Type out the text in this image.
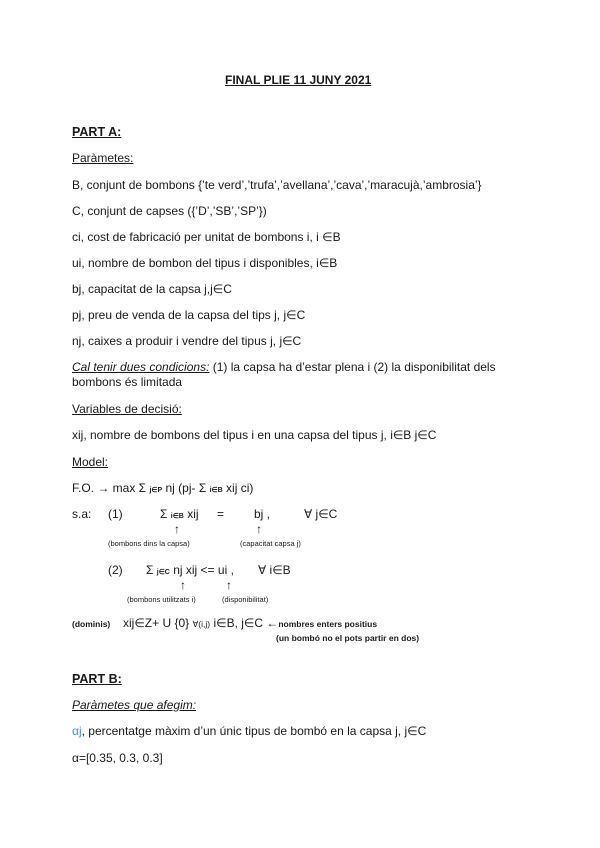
FINAL PLIE 11 JUNY 2021
PART A:
Paràmetes:
B, conjunt de bombons {’te verd’,’trufa’,’avellana’,’cava’,’maracujà,’ambrosia’}
C, conjunt de capses ({’D’,’SB’,’SP’})
ci, cost de fabricació per unitat de bombons i, i ∈B
ui, nombre de bombon del tipus i disponibles, i∈B
bj, capacitat de la capsa j,j∈C
pj, preu de venda de la capsa del tips j, j∈C
nj, caixes a produir i vendre del tipus j, j∈C
Cal tenir dues condicions: (1) la capsa ha d’estar plena i (2) la disponibilitat dels
bombons és limitada
Variables de decisió:
xij, nombre de bombons del tipus i en una capsa del tipus j, i∈B j∈C
Model:
F.O. → max Σ j∈P nj (pj- Σ i∈B xij ci)
s.a: (1)	Σ i∈B xij = bj ,	∀ j∈C
↑	↑
(bombons dins la capsa)	(capacitat capsa j)
(2) Σ j∈C nj xij <= ui , ∀ i∈B
↑	↑
(bombons utilitzats i)	(disponibilitat)
(dominis) xij∈Z+ U {0} ∀(i,j) i∈B, j∈C ←nombres enters positius
(un bombó no el pots partir en dos)
PART B:
Paràmetes que afegim:
αj, percentatge màxim d’un únic tipus de bombó en la capsa j, j∈C
α=[0.35, 0.3, 0.3]
